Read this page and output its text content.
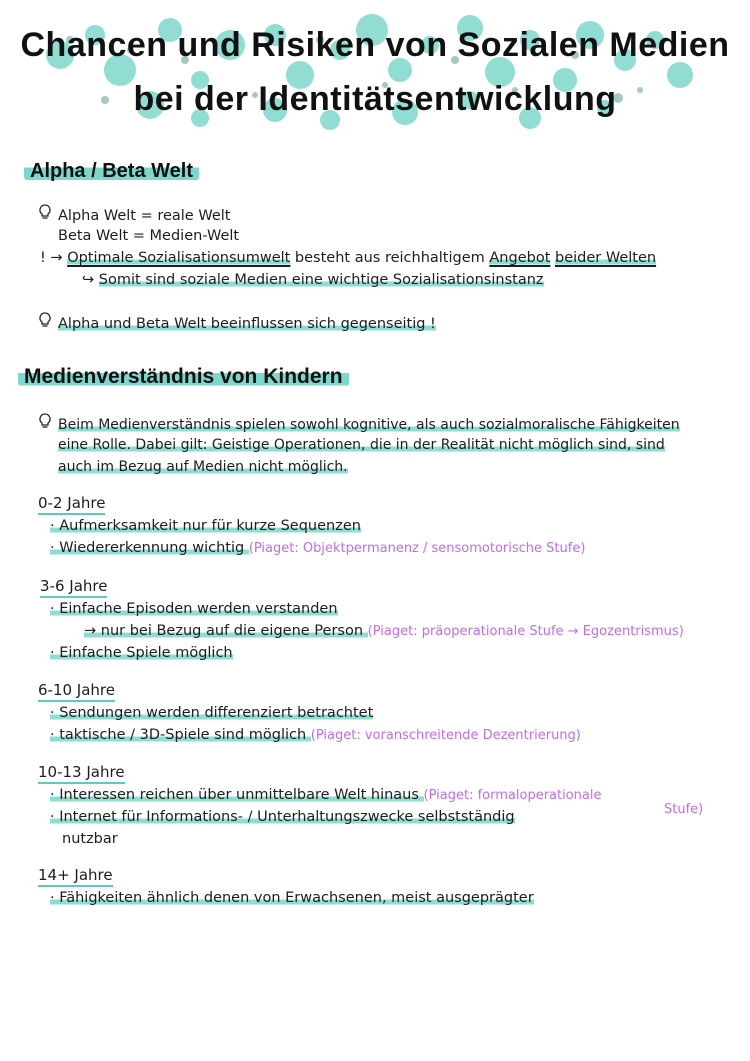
Chancen und Risiken von Sozialen Medien
bei der Identitätsentwicklung
Alpha / Beta Welt
Alpha Welt = reale Welt
Beta Welt = Medien-Welt
! → Optimale Sozialisationsumwelt besteht aus reichhaltigem Angebot beider Welten
↪ Somit sind soziale Medien eine wichtige Sozialisationsinstanz
Alpha und Beta Welt beeinflussen sich gegenseitig !
Medienverständnis von Kindern
Beim Medienverständnis spielen sowohl kognitive, als auch sozialmoralische Fähigkeiten
eine Rolle. Dabei gilt: Geistige Operationen, die in der Realität nicht möglich sind, sind
auch im Bezug auf Medien nicht möglich.
0-2 Jahre
· Aufmerksamkeit nur für kurze Sequenzen
· Wiedererkennung wichtig (Piaget: Objektpermanenz / sensomotorische Stufe)
3-6 Jahre
· Einfache Episoden werden verstanden
→ nur bei Bezug auf die eigene Person (Piaget: präoperationale Stufe → Egozentrismus)
· Einfache Spiele möglich
6-10 Jahre
· Sendungen werden differenziert betrachtet
· taktische / 3D-Spiele sind möglich (Piaget: voranschreitende Dezentrierung)
10-13 Jahre
· Interessen reichen über unmittelbare Welt hinaus (Piaget: formaloperationale
Stufe)
· Internet für Informations- / Unterhaltungszwecke selbstständig
nutzbar
14+ Jahre
· Fähigkeiten ähnlich denen von Erwachsenen, meist ausgeprägter
